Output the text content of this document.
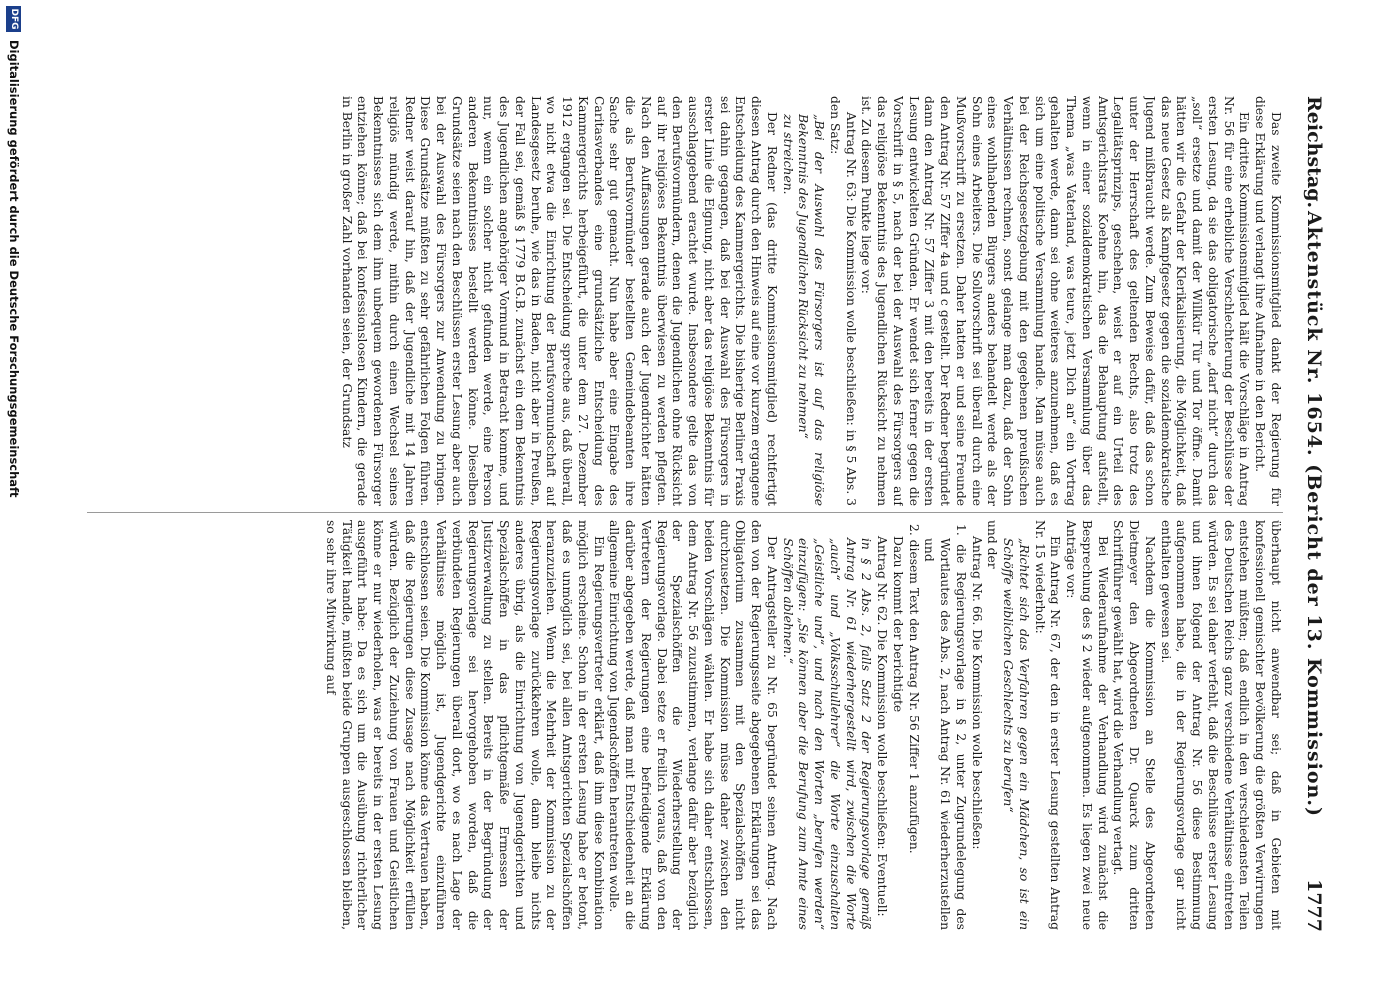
Reichstag.
Aktenstück Nr. 1654. (Bericht der 13. Kommission.)
1777

Das zweite Kommissionsmitglied dankt der Regierung für diese Erklärung und verlangt ihre Aufnahme in den Bericht.

Ein drittes Kommissionsmitglied hält die Vorschläge in Antrag Nr. 56 für eine erhebliche Verschlechterung der Beschlüsse der ersten Lesung, da sie das obligatorische „darf nicht“ durch das „soll“ ersetze und damit der Willkür Tür und Tor öffne. Damit hätten wir die Gefahr der Klerikalisierung, die Möglichkeit, daß das neue Gesetz als Kampfgesetz gegen die sozialdemokratische Jugend mißbraucht werde. Zum Beweise dafür, daß das schon unter der Herrschaft des geltenden Rechts, also trotz des Legalitätsprinzips, geschehen, weist er auf ein Urteil des Amtsgerichtsrats Koehne hin, das die Behauptung aufstellt, wenn in einer sozialdemokratischen Versammlung über das Thema „was Vaterland, was teure, jetzt Dich an“ ein Vortrag gehalten werde, dann sei ohne weiteres anzunehmen, daß es sich um eine politische Versammlung handle. Man müsse auch bei der Reichsgesetzgebung mit den gegebenen preußischen Verhältnissen rechnen, sonst gelange man dazu, daß der Sohn eines wohlhabenden Bürgers anders behandelt werde als der Sohn eines Arbeiters. Die Sollvorschrift sei überall durch eine Mußvorschrift zu ersetzen. Daher hatten er und seine Freunde den Antrag Nr. 57 Ziffer 4a und c gestellt. Der Redner begründet dann den Antrag Nr. 57 Ziffer 3 mit den bereits in der ersten Lesung entwickelten Gründen. Er wendet sich ferner gegen die Vorschrift in § 5, nach der bei der Auswahl des Fürsorgers auf das religiöse Bekenntnis des Jugendlichen Rücksicht zu nehmen ist. Zu diesem Punkte liege vor:

Antrag Nr. 63: Die Kommission wolle beschließen: in § 5 Abs. 3 den Satz:

„Bei der Auswahl des Fürsorgers ist auf das religiöse Bekenntnis des Jugendlichen Rücksicht zu nehmen“

zu streichen.

Der Redner (das dritte Kommissionsmitglied) rechtfertigt diesen Antrag durch den Hinweis auf eine vor kurzem ergangene Entscheidung des Kammergerichts. Die bisherige Berliner Praxis sei dahin gegangen, daß bei der Auswahl des Fürsorgers in erster Linie die Eignung, nicht aber das religiöse Bekenntnis für ausschlaggebend erachtet wurde. Insbesondere gelte das von den Berufsvormündern, denen die Jugendlichen ohne Rücksicht auf ihr religiöses Bekenntnis überwiesen zu werden pflegten. Nach den Auffassungen gerade auch der Jugendrichter hätten die als Berufsvormünder bestellten Gemeindebeamten ihre Sache sehr gut gemacht. Nun habe aber eine Eingabe des Caritasverbandes eine grundsätzliche Entscheidung des Kammergerichts herbeigeführt, die unter dem 27. Dezember 1912 ergangen sei. Die Entscheidung spreche aus, daß überall, wo nicht etwa die Einrichtung der Berufsvormundschaft auf Landesgesetz beruhe, wie das in Baden, nicht aber in Preußen, der Fall sei, gemäß § 1779 B.G.B. zunächst ein dem Bekenntnis des Jugendlichen angehöriger Vormund in Betracht komme, und nur, wenn ein solcher nicht gefunden werde, eine Person anderen Bekenntnisses bestellt werden könne. Dieselben Grundsätze seien nach den Beschlüssen erster Lesung aber auch bei der Auswahl des Fürsorgers zur Anwendung zu bringen. Diese Grundsätze müßten zu sehr gefährlichen Folgen führen. Redner weist darauf hin, daß der Jugendliche mit 14 Jahren religiös mündig werde, mithin durch einen Wechsel seines Bekenntnisses sich dem ihm unbequem gewordenen Fürsorger entziehen könne; daß bei konfessionslosen Kindern, die gerade in Berlin in großer Zahl vorhanden seien, der Grundsatz

überhaupt nicht anwendbar sei; daß in Gebieten mit konfessionell gemischter Bevölkerung die größten Verwirrungen entstehen müßten; daß endlich in den verschiedensten Teilen des Deutschen Reichs ganz verschiedene Verhältnisse eintreten würden. Es sei daher verfehlt, daß die Beschlüsse erster Lesung und ihnen folgend der Antrag Nr. 56 diese Bestimmung aufgenommen habe, die in der Regierungsvorlage gar nicht enthalten gewesen sei.

Nachdem die Kommission an Stelle des Abgeordneten Dietmeyer den Abgeordneten Dr. Quarck zum dritten Schriftführer gewählt hat, wird die Verhandlung vertagt.

Bei Wiederaufnahme der Verhandlung wird zunächst die Besprechung des § 2 wieder aufgenommen. Es liegen zwei neue Anträge vor:

Ein Antrag Nr. 67, der den in erster Lesung gestellten Antrag Nr. 15 wiederholt:

„Richtet sich das Verfahren gegen ein Mädchen, so ist ein Schöffe weiblichen Geschlechts zu berufen“

und der

Antrag Nr. 66. Die Kommission wolle beschließen:

1. die Regierungsvorlage in § 2, unter Zugrundelegung des Wortlautes des Abs. 2, nach Antrag Nr. 61 wiederherzustellen und

2. diesem Text den Antrag Nr. 56 Ziffer 1 anzufügen.

Dazu kommt der berichtigte

Antrag Nr. 62. Die Kommission wolle beschließen: Eventuell:

in § 2 Abs. 2, falls Satz 2 der Regierungsvorlage gemäß Antrag Nr. 61 wiederhergestellt wird, zwischen die Worte „auch“ und „Volksschullehrer“ die Worte einzuschalten „Geistliche und“, und nach den Worten „berufen werden“ einzufügen: „Sie können aber die Berufung zum Amte eines Schöffen ablehnen.“

Der Antragsteller zu Nr. 65 begründet seinen Antrag. Nach den von der Regierungsseite abgegebenen Erklärungen sei das Obligatorium zusammen mit den Spezialschöffen nicht durchzusetzen. Die Kommission müsse daher zwischen den beiden Vorschlägen wählen. Er habe sich daher entschlossen, dem Antrag Nr. 56 zuzustimmen, verlange dafür aber bezüglich der Spezialschöffen die Wiederherstellung der Regierungsvorlage. Dabei setze er freilich voraus, daß von den Vertretern der Regierungen eine befriedigende Erklärung darüber abgegeben werde, daß man mit Entschiedenheit an die allgemeine Einrichtung von Jugendschöffen herantreten wolle.

Ein Regierungsvertreter erklärt, daß ihm diese Kombination möglich erscheine. Schon in der ersten Lesung habe er betont, daß es unmöglich sei, bei allen Amtsgerichten Spezialschöffen heranzuziehen. Wenn die Mehrheit der Kommission zu der Regierungsvorlage zurückkehren wolle, dann bleibe nichts anderes übrig, als die Einrichtung von Jugendgerichten und Spezialschöffen in das pflichtgemäße Ermessen der Justizverwaltung zu stellen. Bereits in der Begründung der Regierungsvorlage sei hervorgehoben worden, daß die verbündeten Regierungen überall dort, wo es nach Lage der Verhältnisse möglich ist, Jugendgerichte einzuführen entschlossen seien. Die Kommission könne das Vertrauen haben, daß die Regierungen diese Zusage nach Möglichkeit erfüllen würden. Bezüglich der Zuziehung von Frauen und Geistlichen könne er nur wiederholen, was er bereits in der ersten Lesung ausgeführt habe: Da es sich um die Ausübung richterlicher Tätigkeit handle, müßten beide Gruppen ausgeschlossen bleiben, so sehr ihre Mitwirkung auf

DFG
Digitalisierung gefördert durch die Deutsche Forschungsgemeinschaft
